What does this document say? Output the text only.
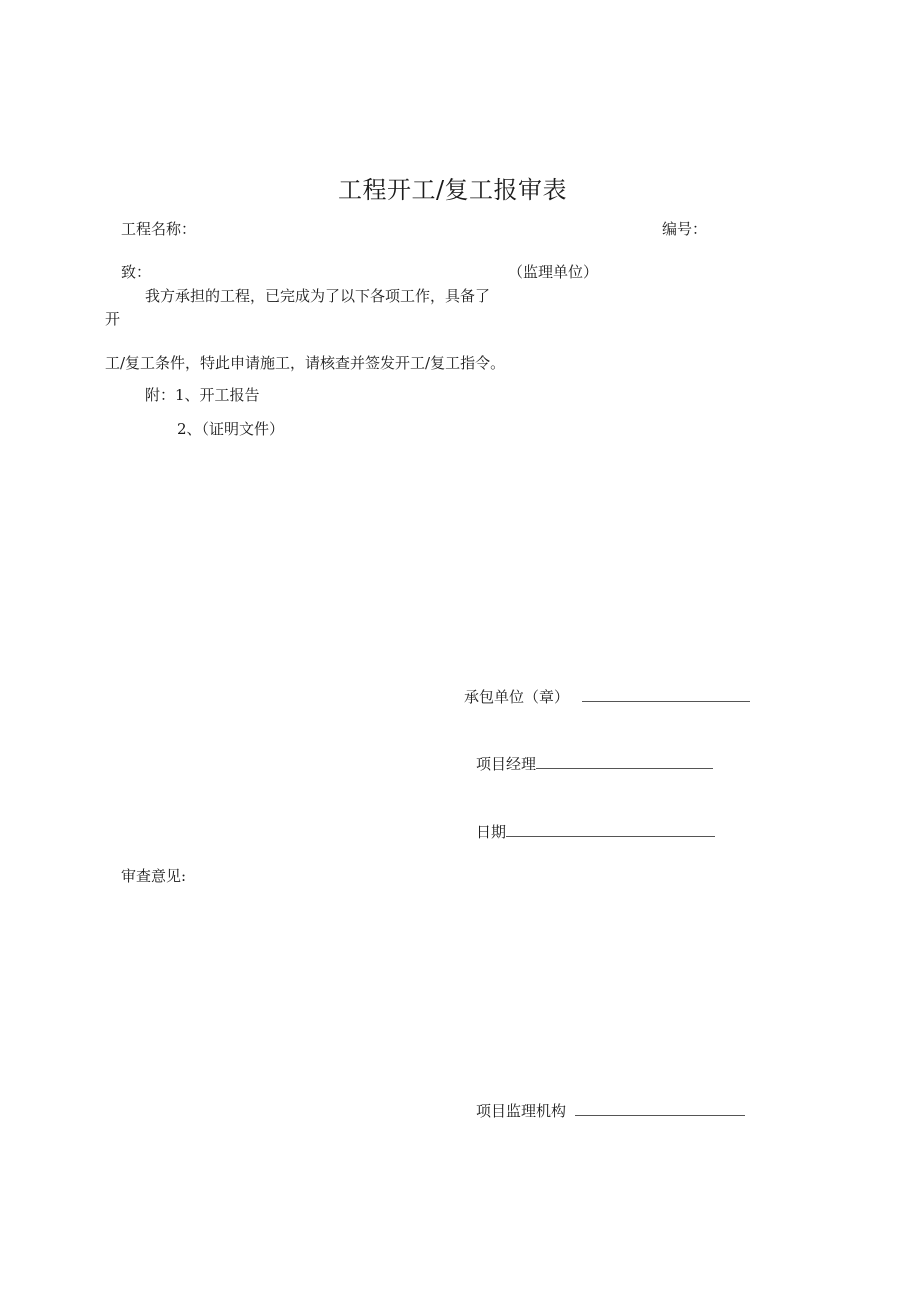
工程开工/复工报审表
工程名称：	编号：
致：	（监理单位）
我方承担的工程，已完成为了以下各项工作，具备了
开
工/复工条件，特此申请施工，请核查并签发开工/复工指令。
附：1、开工报告
2、（证明文件）
承包单位（章）
项目经理
日期
审查意见:
项目监理机构
